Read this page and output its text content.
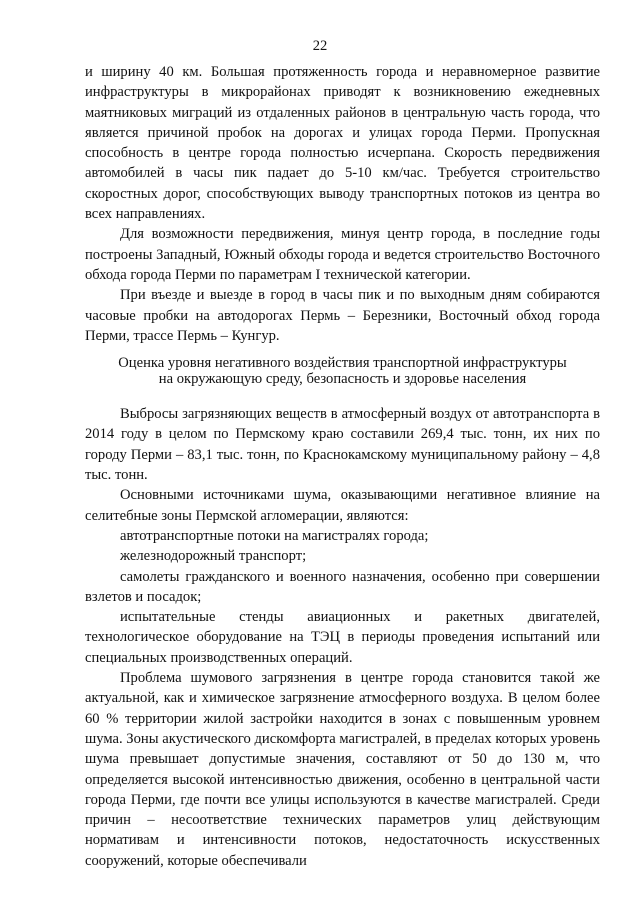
22

и ширину 40 км. Большая протяженность города и неравномерное развитие инфраструктуры в микрорайонах приводят к возникновению ежедневных маятниковых миграций из отдаленных районов в центральную часть города, что является причиной пробок на дорогах и улицах города Перми. Пропускная способность в центре города полностью исчерпана. Скорость передвижения автомобилей в часы пик падает до 5-10 км/час. Требуется строительство скоростных дорог, способствующих выводу транспортных потоков из центра во всех направлениях.

Для возможности передвижения, минуя центр города, в последние годы построены Западный, Южный обходы города и ведется строительство Восточного обхода города Перми по параметрам I технической категории.

При въезде и выезде в город в часы пик и по выходным дням собираются часовые пробки на автодорогах Пермь – Березники, Восточный обход города Перми, трассе Пермь – Кунгур.

Оценка уровня негативного воздействия транспортной инфраструктуры
на окружающую среду, безопасность и здоровье населения

Выбросы загрязняющих веществ в атмосферный воздух от автотранспорта в 2014 году в целом по Пермскому краю составили 269,4 тыс. тонн, их них по городу Перми – 83,1 тыс. тонн, по Краснокамскому муниципальному району – 4,8 тыс. тонн.

Основными источниками шума, оказывающими негативное влияние на селитебные зоны Пермской агломерации, являются:

автотранспортные потоки на магистралях города;

железнодорожный транспорт;

самолеты гражданского и военного назначения, особенно при совершении взлетов и посадок;

испытательные стенды авиационных и ракетных двигателей, технологическое оборудование на ТЭЦ в периоды проведения испытаний или специальных производственных операций.

Проблема шумового загрязнения в центре города становится такой же актуальной, как и химическое загрязнение атмосферного воздуха. В целом более 60 % территории жилой застройки находится в зонах с повышенным уровнем шума. Зоны акустического дискомфорта магистралей, в пределах которых уровень шума превышает допустимые значения, составляют от 50 до 130 м, что определяется высокой интенсивностью движения, особенно в центральной части города Перми, где почти все улицы используются в качестве магистралей. Среди причин – несоответствие технических параметров улиц действующим нормативам и интенсивности потоков, недостаточность искусственных сооружений, которые обеспечивали
